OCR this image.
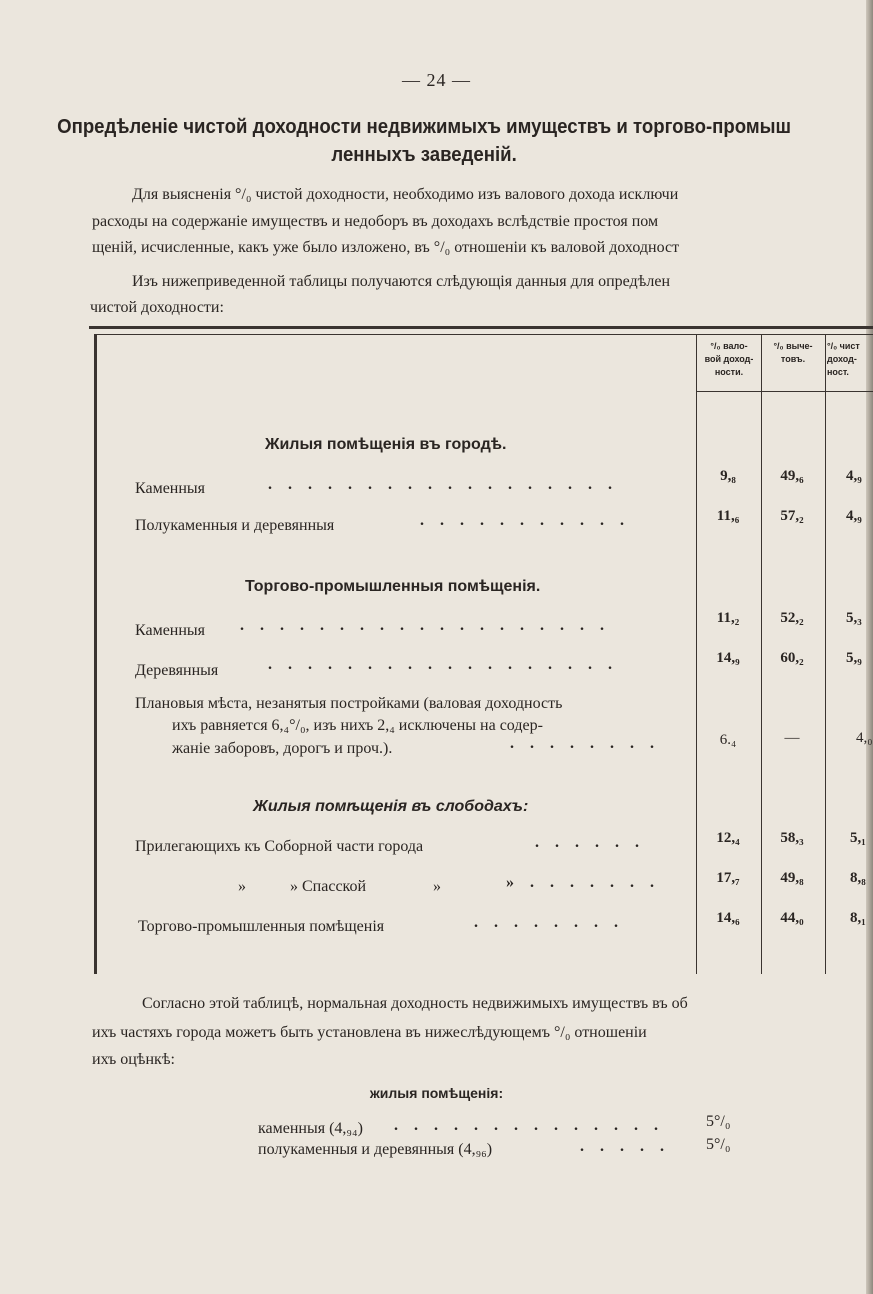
— 24 —
Опредѣленіе чистой доходности недвижимыхъ имуществъ и торгово-промыш
ленныхъ заведеній.
Для выясненія °/₀ чистой доходности, необходимо изъ валового дохода исключи
расходы на содержаніе имуществъ и недоборъ въ доходахъ вслѣдствіе простоя пом
щеній, исчисленные, какъ уже было изложено, въ °/₀ отношеніи къ валовой доходност
Изъ нижеприведенной таблицы получаются слѣдующія данныя для опредѣлен
чистой доходности:
°/₀ вало-
вой доход-
ности.
°/₀ выче-
товъ.
°/₀ чист
доход-
ност.
Жилыя помѣщенія въ городѣ.
Каменныя	. . . . . . . . . . . . . . . . . .	9,₈	49,₆	4,₉
Полукаменныя и деревянныя	. . . . . . . . . . .	11,₆	57,₂	4,₉
Торгово-промышленныя помѣщенія.
Каменныя . . . . . . . . . . . . . . . . . . .	11,₂	52,₂	5,₃
Деревянныя	. . . . . . . . . . . . . . . . . .	14,₉	60,₂	5,₉
Плановыя мѣста, незанятыя постройками (валовая доходность
ихъ равняется 6,₄°/₀, изъ нихъ 2,₄ исключены на содер-
жаніе заборовъ, дорогъ и проч.).	. . . . . . . .	6.₄	—	4,₀
Жилыя помѣщенія въ слободахъ:
Прилегающихъ къ Соборной части города	. . . . . .	12,₄	58,₃	5,₁
»	» Спасской	»	» . . . . . . .	17,₇	49,₈	8,₈
Торгово-промышленныя помѣщенія	. . . . . . . .	14,₆	44,₀	8,₁
Согласно этой таблицѣ, нормальная доходность недвижимыхъ имуществъ въ об
ихъ частяхъ города можетъ быть установлена въ нижеслѣдующемъ °/₀ отношеніи
ихъ оцѣнкѣ:
жилыя помѣщенія:
каменныя (4,₉₄) . . . . . . . . . . . . . .	5°/₀
полукаменныя и деревянныя (4,₉₆)	. . . . . 5°/₀
